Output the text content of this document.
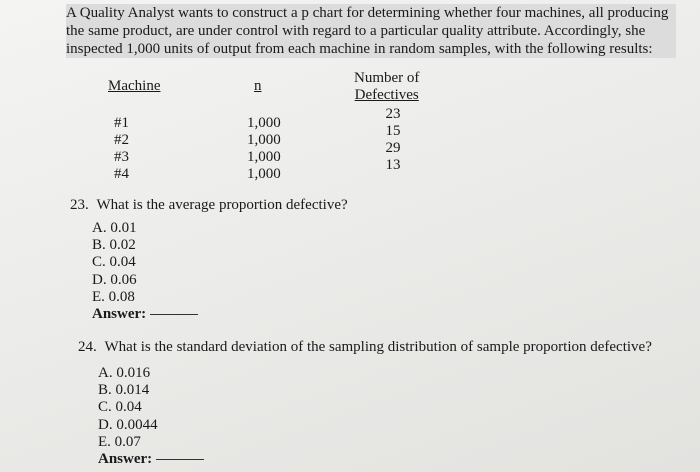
A Quality Analyst wants to construct a p chart for determining whether four machines, all producing
the same product, are under control with regard to a particular quality attribute. Accordingly, she
inspected 1,000 units of output from each machine in random samples, with the following results:
Machine	n	Number of
Defectives
#1
#2
#3
#4
1,000
1,000
1,000
1,000
23
15
29
13
23. What is the average proportion defective?
A. 0.01
B. 0.02
C. 0.04
D. 0.06
E. 0.08
Answer:
24. What is the standard deviation of the sampling distribution of sample proportion defective?
A. 0.016
B. 0.014
C. 0.04
D. 0.0044
E. 0.07
Answer:
